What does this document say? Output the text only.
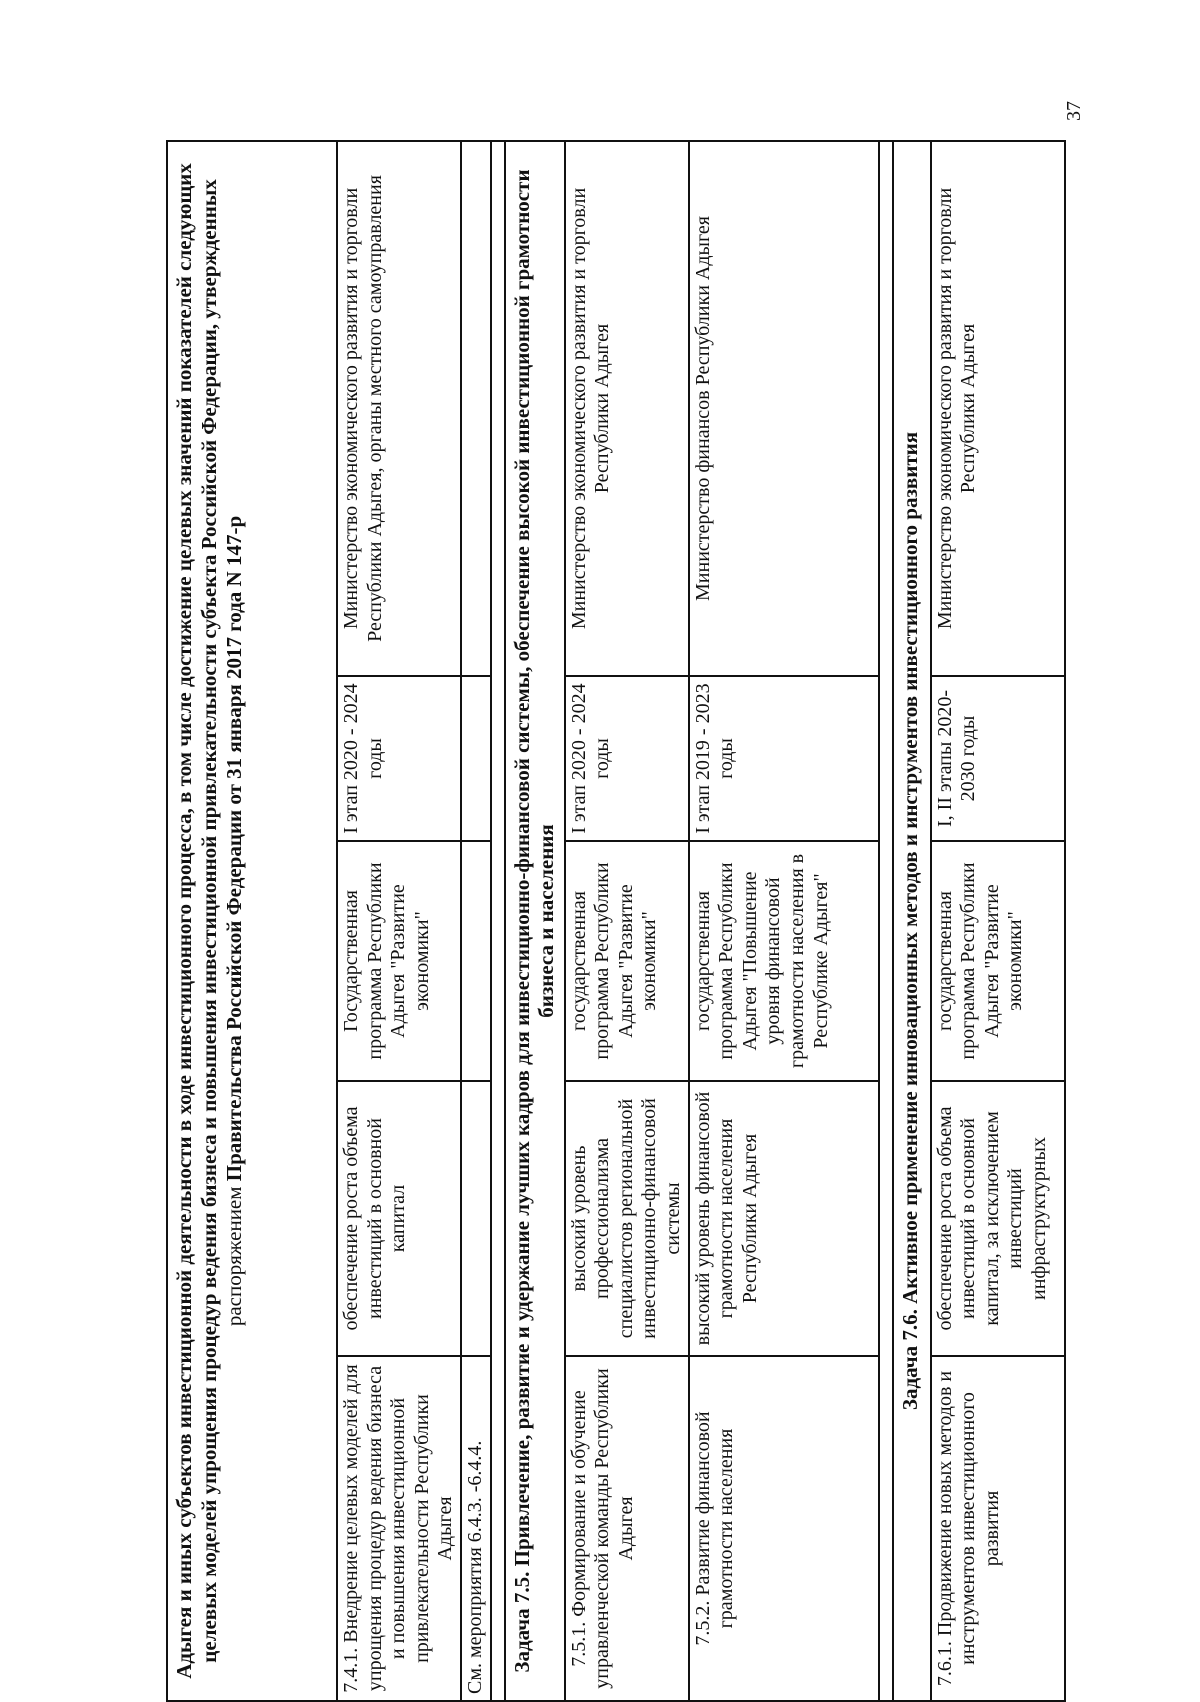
37
Адыгея и иных субъектов инвестиционной деятельности в ходе инвестиционного процесса, в том числе достижение целевых значений показателей следующих целевых моделей упрощения процедур ведения бизнеса и повышения инвестиционной привлекательности субъекта Российской Федерации, утвержденных распоряжением Правительства Российской Федерации от 31 января 2017 года N 147-р				
7.4.1. Внедрение целевых моделей для упрощения процедур ведения бизнеса и повышения инвестиционной привлекательности Республики Адыгея	обеспечение роста объема инвестиций в основной капитал	Государственная программа Республики Адыгея "Развитие экономики"	I этап 2020 - 2024 годы	Министерство экономического развития и торговли Республики Адыгея, органы местного самоуправления
См. мероприятия 6.4.3. -6.4.4.				

Задача 7.5. Привлечение, развитие и удержание лучших кадров для инвестиционно-финансовой системы, обеспечение высокой инвестиционной грамотности бизнеса и населения				
7.5.1. Формирование и обучение управленческой команды Республики Адыгея	высокий уровень профессионализма специалистов региональной инвестиционно-финансовой системы	государственная программа Республики Адыгея "Развитие экономики"	I этап 2020 - 2024 годы	Министерство экономического развития и торговли Республики Адыгея
7.5.2. Развитие финансовой грамотности населения	высокий уровень финансовой грамотности населения Республики Адыгея	государственная программа Республики Адыгея "Повышение уровня финансовой грамотности населения в Республике Адыгея"	I этап 2019 - 2023 годы	Министерство финансов Республики Адыгея

Задача 7.6. Активное применение инновационных методов и инструментов инвестиционного развития				
7.6.1. Продвижение новых методов и инструментов инвестиционного развития	обеспечение роста объема инвестиций в основной капитал, за исключением инвестиций инфраструктурных	государственная программа Республики Адыгея "Развитие экономики"	I, II этапы 2020-2030 годы	Министерство экономического развития и торговли Республики Адыгея
